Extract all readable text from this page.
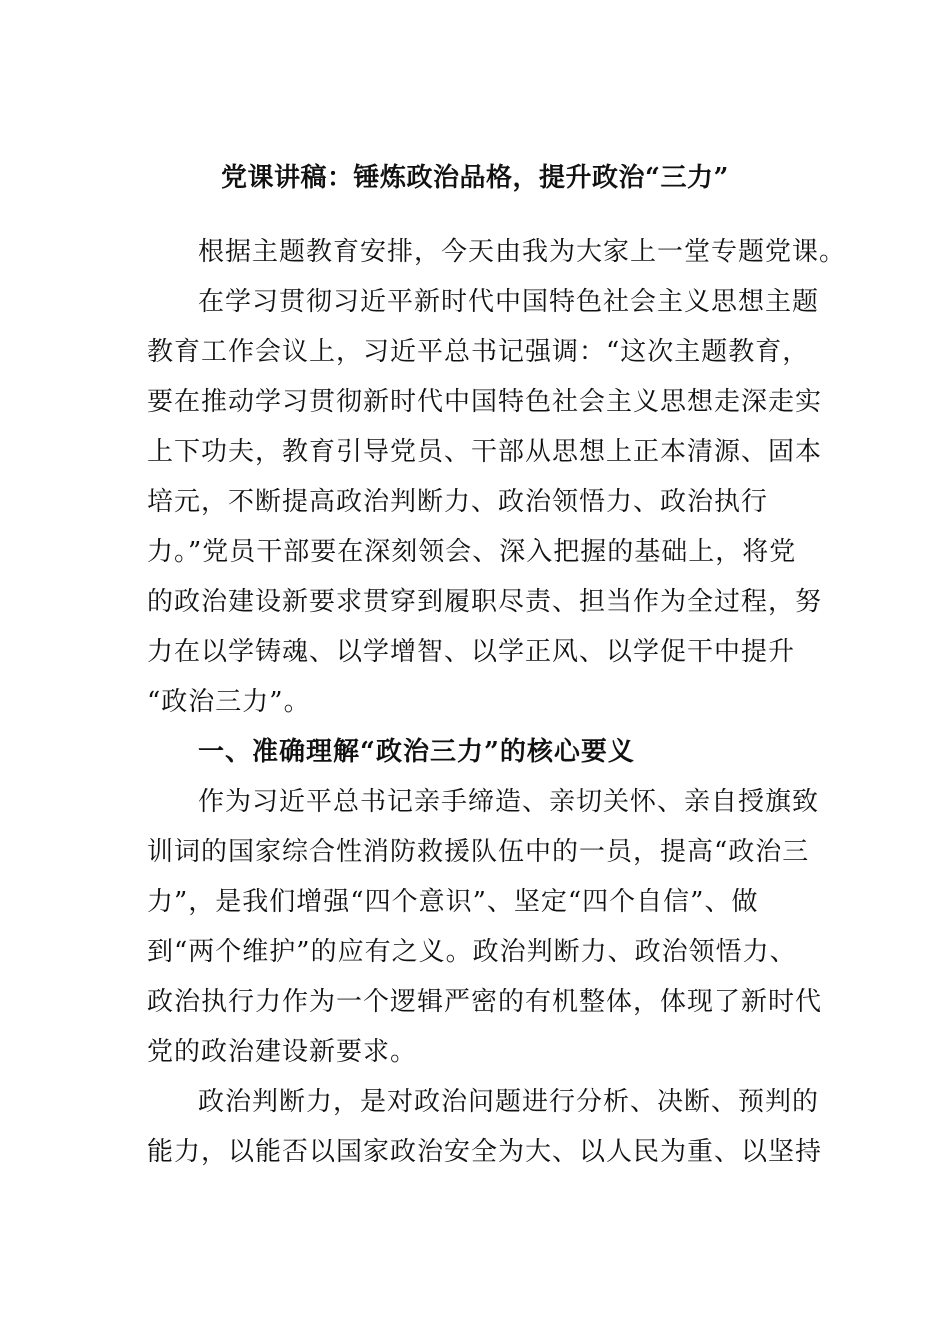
党课讲稿：锤炼政治品格，提升政治“三力”
根据主题教育安排，今天由我为大家上一堂专题党课。
在学习贯彻习近平新时代中国特色社会主义思想主题
教育工作会议上，习近平总书记强调：“这次主题教育，
要在推动学习贯彻新时代中国特色社会主义思想走深走实
上下功夫，教育引导党员、干部从思想上正本清源、固本
培元，不断提高政治判断力、政治领悟力、政治执行
力。”党员干部要在深刻领会、深入把握的基础上，将党
的政治建设新要求贯穿到履职尽责、担当作为全过程，努
力在以学铸魂、以学增智、以学正风、以学促干中提升
“政治三力”。
一、准确理解“政治三力”的核心要义
作为习近平总书记亲手缔造、亲切关怀、亲自授旗致
训词的国家综合性消防救援队伍中的一员，提高“政治三
力”，是我们增强“四个意识”、坚定“四个自信”、做
到“两个维护”的应有之义。政治判断力、政治领悟力、
政治执行力作为一个逻辑严密的有机整体，体现了新时代
党的政治建设新要求。
政治判断力，是对政治问题进行分析、决断、预判的
能力，以能否以国家政治安全为大、以人民为重、以坚持
